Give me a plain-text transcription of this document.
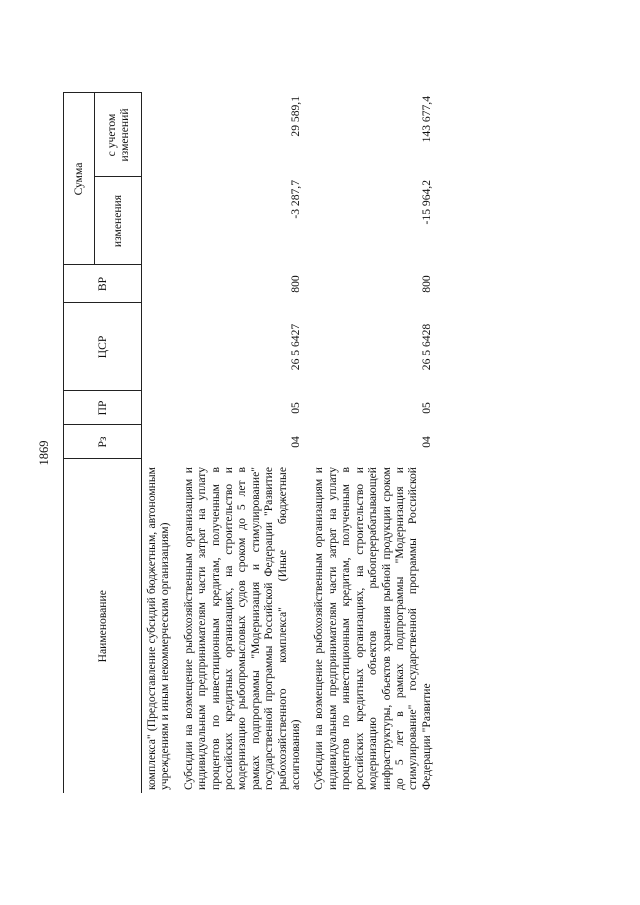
1869
Наименование	Рз	ПР	ЦСР	ВР	Сумма	
					изменения	с учетом изменений
комплекса" (Предоставление субсидий бюджетным, автономным учреждениям и иным некоммерческим организациям)						
Субсидии на возмещение рыбохозяйственным организациям и индивидуальным предпринимателям части затрат на уплату процентов по инвестиционным кредитам, полученным в российских кредитных организациях, на строительство и модернизацию рыбопромысловых судов сроком до 5 лет в рамках подпрограммы "Модернизация и стимулирование" государственной программы Российской Федерации "Развитие рыбохозяйственного комплекса" (Иные бюджетные ассигнования)	04	05	26 5 6427	800	-3 287,7	29 589,1
Субсидии на возмещение рыбохозяйственным организациям и индивидуальным предпринимателям части затрат на уплату процентов по инвестиционным кредитам, полученным в российских кредитных организациях, на строительство и модернизацию объектов рыбоперерабатывающей инфраструктуры, объектов хранения рыбной продукции сроком до 5 лет в рамках подпрограммы "Модернизация и стимулирование" государственной программы Российской Федерации "Развитие	04	05	26 5 6428	800	-15 964,2	143 677,4
